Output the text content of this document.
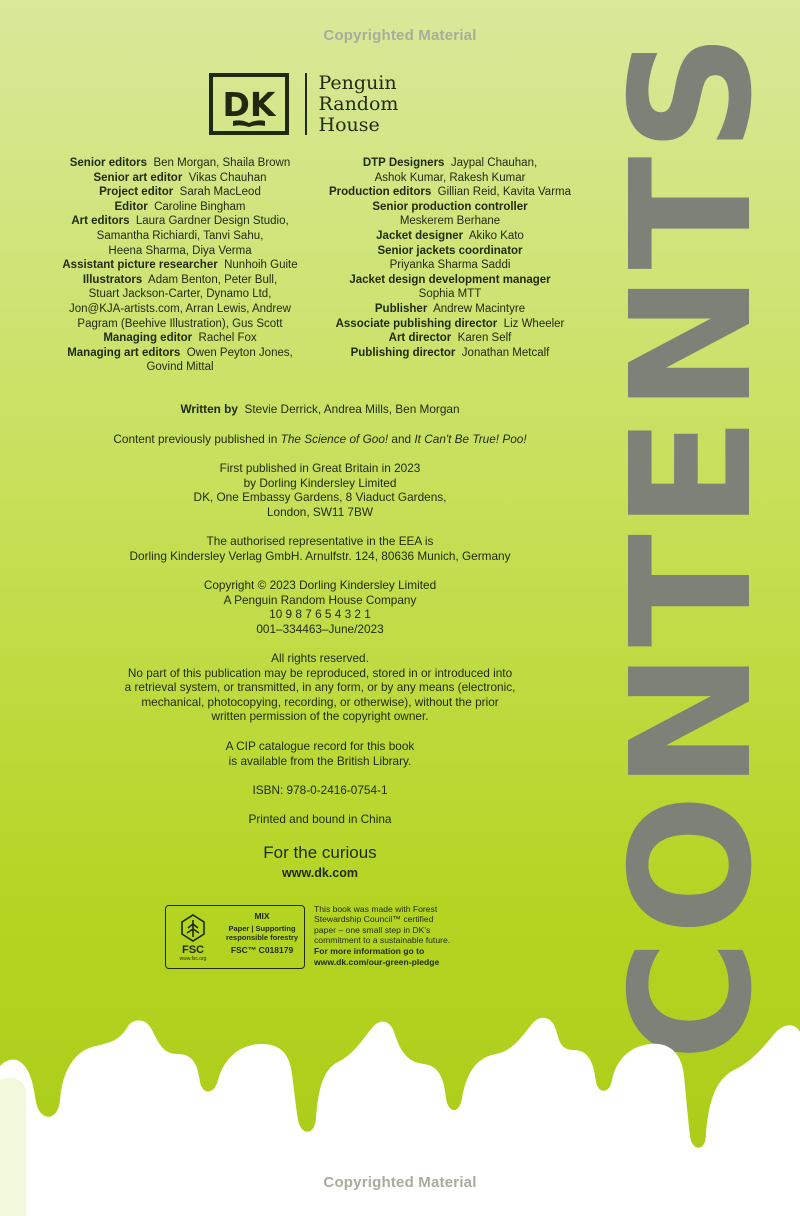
Copyrighted Material
DK
Penguin
Random
House
Senior editors Ben Morgan, Shaila Brown
Senior art editor Vikas Chauhan
Project editor Sarah MacLeod
Editor Caroline Bingham
Art editors Laura Gardner Design Studio,
Samantha Richiardi, Tanvi Sahu,
Heena Sharma, Diya Verma
Assistant picture researcher Nunhoih Guite
Illustrators Adam Benton, Peter Bull,
Stuart Jackson-Carter, Dynamo Ltd,
Jon@KJA-artists.com, Arran Lewis, Andrew
Pagram (Beehive Illustration), Gus Scott
Managing editor Rachel Fox
Managing art editors Owen Peyton Jones,
Govind Mittal
DTP Designers Jaypal Chauhan,
Ashok Kumar, Rakesh Kumar
Production editors Gillian Reid, Kavita Varma
Senior production controller
Meskerem Berhane
Jacket designer Akiko Kato
Senior jackets coordinator
Priyanka Sharma Saddi
Jacket design development manager
Sophia MTT
Publisher Andrew Macintyre
Associate publishing director Liz Wheeler
Art director Karen Self
Publishing director Jonathan Metcalf
Written by Stevie Derrick, Andrea Mills, Ben Morgan
Content previously published in The Science of Goo! and It Can't Be True! Poo!
First published in Great Britain in 2023
by Dorling Kindersley Limited
DK, One Embassy Gardens, 8 Viaduct Gardens,
London, SW11 7BW
The authorised representative in the EEA is
Dorling Kindersley Verlag GmbH. Arnulfstr. 124, 80636 Munich, Germany
Copyright © 2023 Dorling Kindersley Limited
A Penguin Random House Company
10 9 8 7 6 5 4 3 2 1
001–334463–June/2023
All rights reserved.
No part of this publication may be reproduced, stored in or introduced into
a retrieval system, or transmitted, in any form, or by any means (electronic,
mechanical, photocopying, recording, or otherwise), without the prior
written permission of the copyright owner.
A CIP catalogue record for this book
is available from the British Library.
ISBN: 978-0-2416-0754-1
Printed and bound in China
For the curious
www.dk.com
FSC
www.fsc.org
MIX
Paper | Supporting
responsible forestry
FSC™ C018179
This book was made with Forest
Stewardship Council™ certified
paper – one small step in DK's
commitment to a sustainable future.
For more information go to
www.dk.com/our-green-pledge CONTENTS
Copyrighted Material
